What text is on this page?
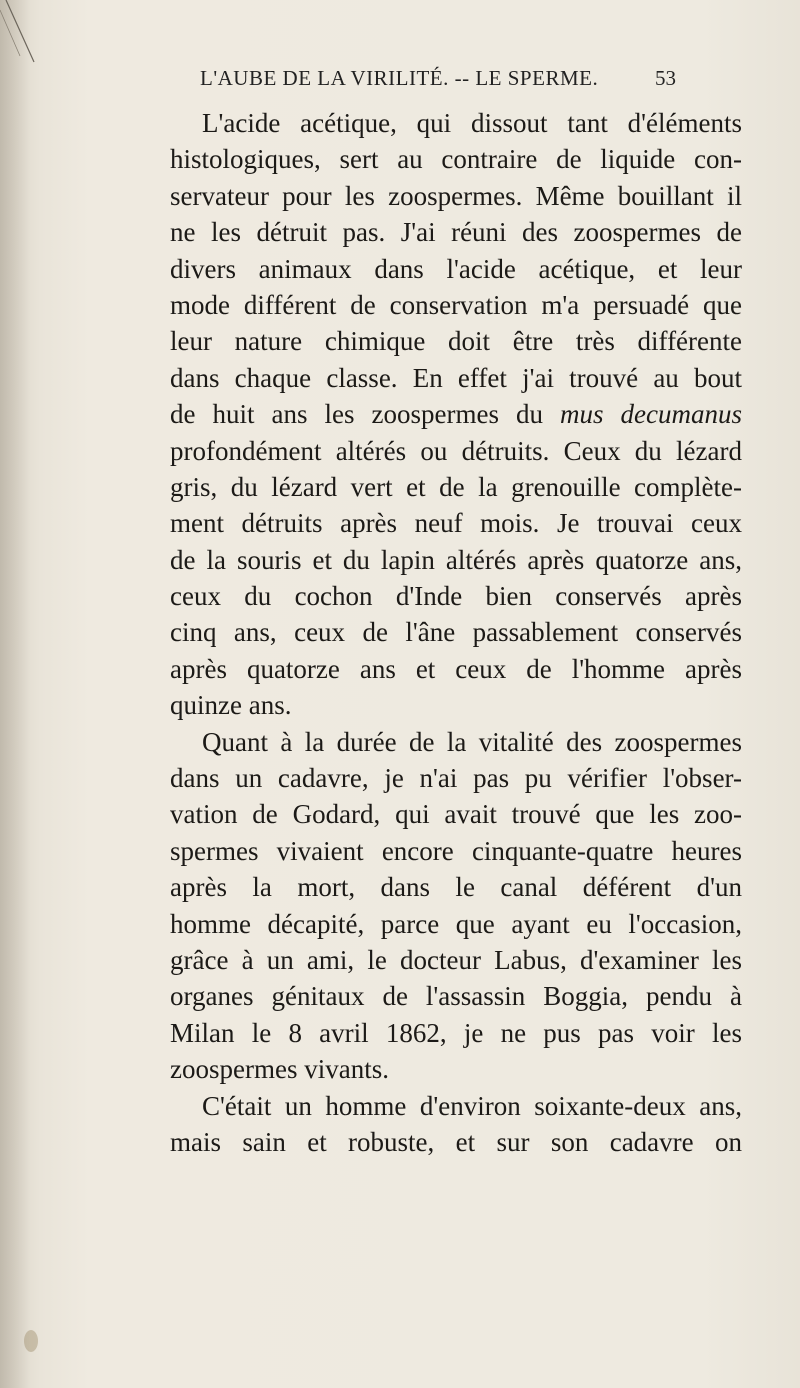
L'AUBE DE LA VIRILITÉ. -- LE SPERME.	53
L'acide acétique, qui dissout tant d'éléments
histologiques, sert au contraire de liquide con-
servateur pour les zoospermes. Même bouillant il
ne les détruit pas. J'ai réuni des zoospermes de
divers animaux dans l'acide acétique, et leur
mode différent de conservation m'a persuadé que
leur nature chimique doit être très différente
dans chaque classe. En effet j'ai trouvé au bout
de huit ans les zoospermes du mus decumanus
profondément altérés ou détruits. Ceux du lézard
gris, du lézard vert et de la grenouille complète-
ment détruits après neuf mois. Je trouvai ceux
de la souris et du lapin altérés après quatorze ans,
ceux du cochon d'Inde bien conservés après
cinq ans, ceux de l'âne passablement conservés
après quatorze ans et ceux de l'homme après
quinze ans.
Quant à la durée de la vitalité des zoospermes
dans un cadavre, je n'ai pas pu vérifier l'obser-
vation de Godard, qui avait trouvé que les zoo-
spermes vivaient encore cinquante-quatre heures
après la mort, dans le canal déférent d'un
homme décapité, parce que ayant eu l'occasion,
grâce à un ami, le docteur Labus, d'examiner les
organes génitaux de l'assassin Boggia, pendu à
Milan le 8 avril 1862, je ne pus pas voir les
zoospermes vivants.
C'était un homme d'environ soixante-deux ans,
mais sain et robuste, et sur son cadavre on
